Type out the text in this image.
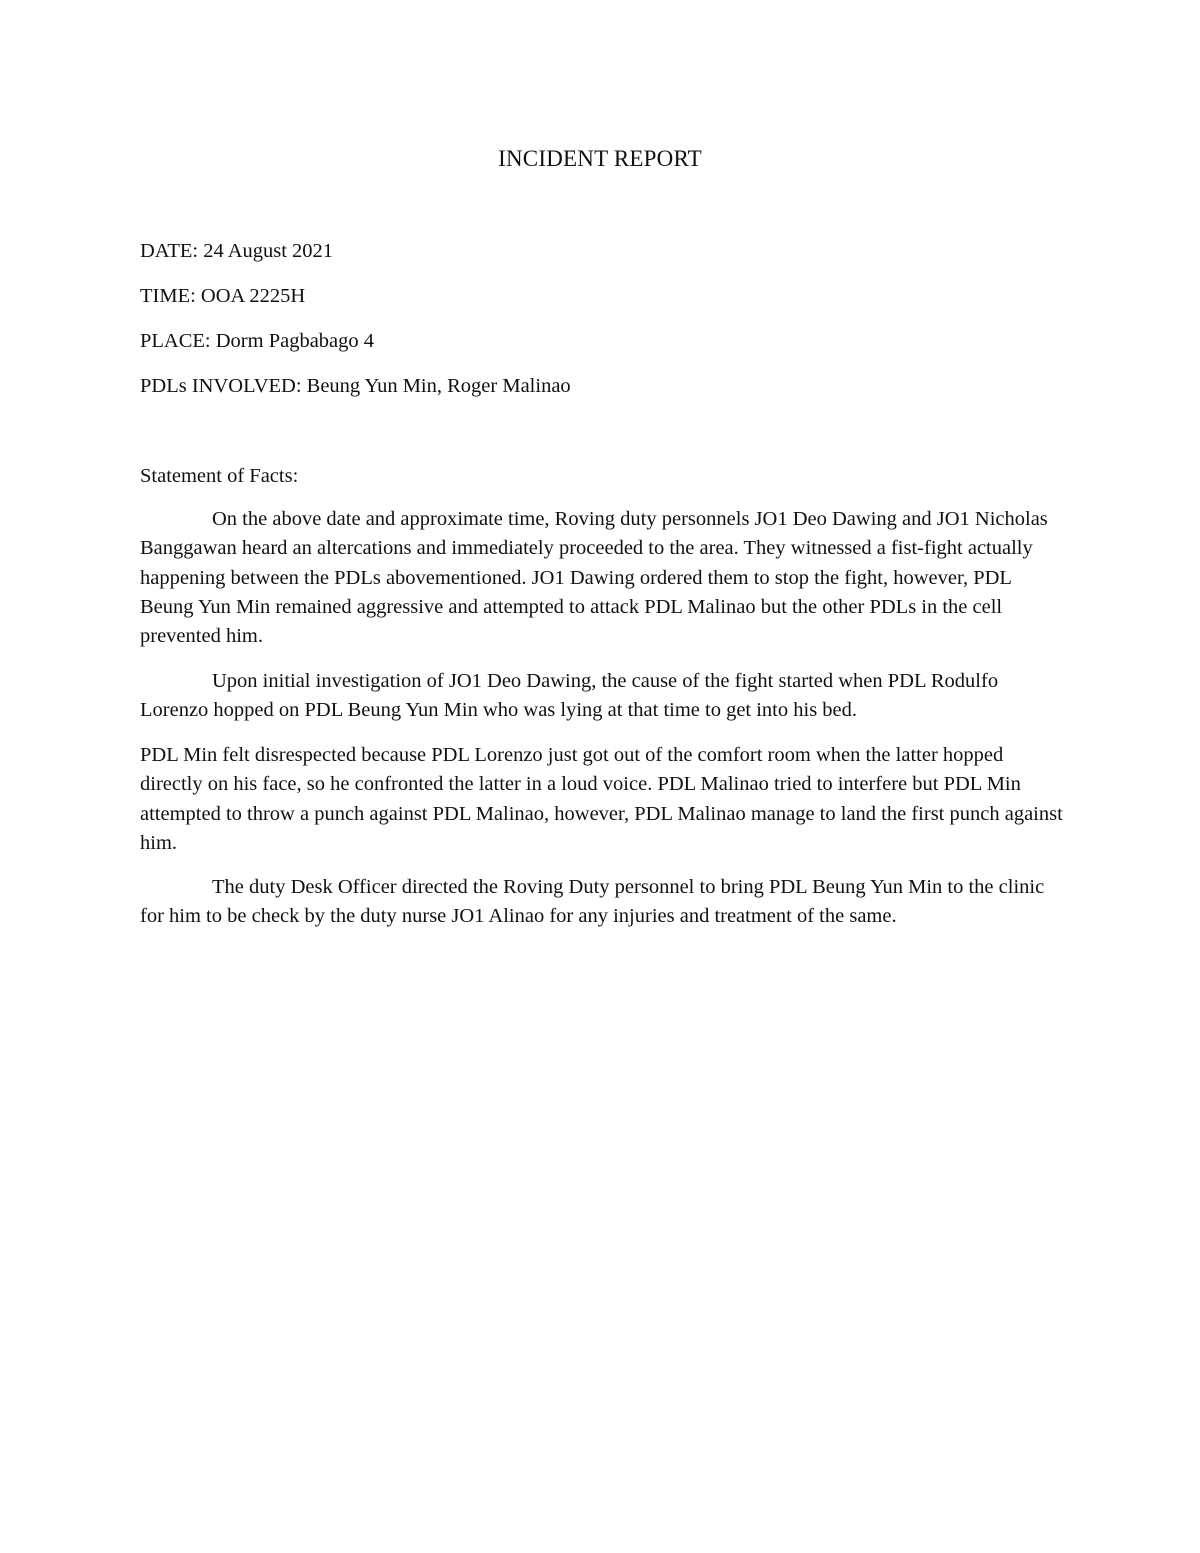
INCIDENT REPORT
DATE: 24 August 2021
TIME: OOA 2225H
PLACE: Dorm Pagbabago 4
PDLs INVOLVED: Beung Yun Min, Roger Malinao
Statement of Facts:

On the above date and approximate time, Roving duty personnels JO1 Deo Dawing and JO1 Nicholas Banggawan heard an altercations and immediately proceeded to the area. They witnessed a fist-fight actually happening between the PDLs abovementioned. JO1 Dawing ordered them to stop the fight, however, PDL Beung Yun Min remained aggressive and attempted to attack PDL Malinao but the other PDLs in the cell prevented him.

Upon initial investigation of JO1 Deo Dawing, the cause of the fight started when PDL Rodulfo Lorenzo hopped on PDL Beung Yun Min who was lying at that time to get into his bed.

PDL Min felt disrespected because PDL Lorenzo just got out of the comfort room when the latter hopped directly on his face, so he confronted the latter in a loud voice. PDL Malinao tried to interfere but PDL Min attempted to throw a punch against PDL Malinao, however, PDL Malinao manage to land the first punch against him.

The duty Desk Officer directed the Roving Duty personnel to bring PDL Beung Yun Min to the clinic for him to be check by the duty nurse JO1 Alinao for any injuries and treatment of the same.
